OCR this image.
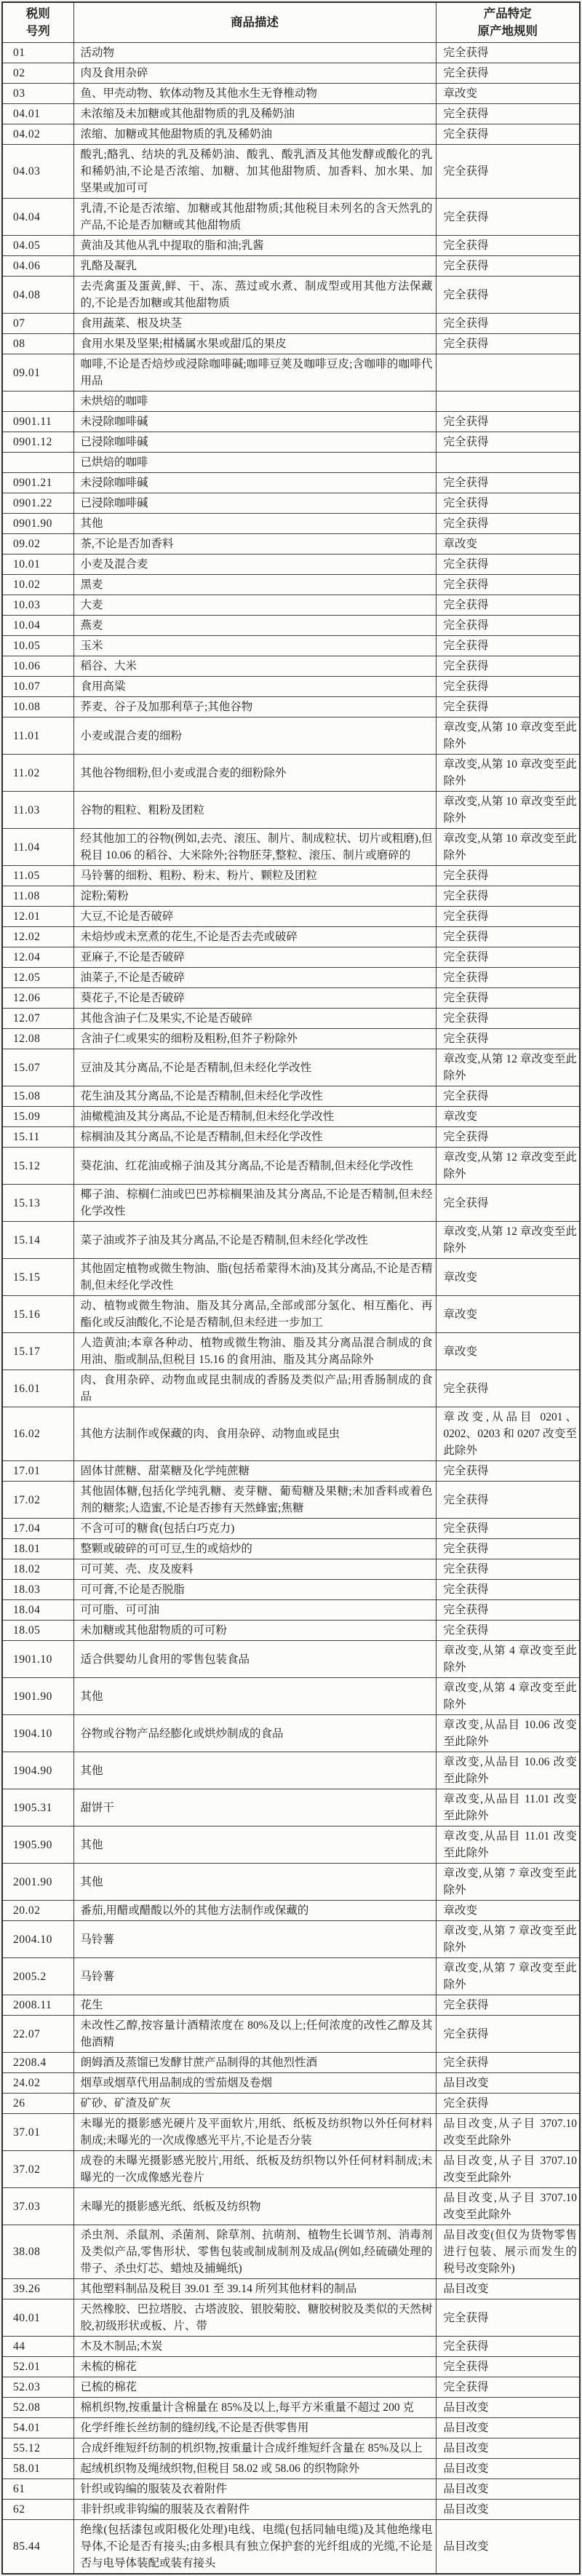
税则
号列
	商品描述	
产品特定
原产地规则

01	活动物	完全获得
02	肉及食用杂碎	完全获得
03	鱼、甲壳动物、软体动物及其他水生无脊椎动物	章改变
04.01	未浓缩及未加糖或其他甜物质的乳及稀奶油	完全获得
04.02	浓缩、加糖或其他甜物质的乳及稀奶油	完全获得
04.03	酸乳;酪乳、结块的乳及稀奶油、酸乳、酸乳酒及其他发酵或酸化的乳和稀奶油,不论是否浓缩、加糖、加其他甜物质、加香料、加水果、加坚果或加可可	完全获得
04.04	乳清,不论是否浓缩、加糖或其他甜物质;其他税目未列名的含天然乳的产品,不论是否加糖或其他甜物质	完全获得
04.05	黄油及其他从乳中提取的脂和油;乳酱	完全获得
04.06	乳酪及凝乳	完全获得
04.08	去壳禽蛋及蛋黄,鲜、干、冻、蒸过或水煮、制成型或用其他方法保藏的,不论是否加糖或其他甜物质	完全获得
07	食用蔬菜、根及块茎	完全获得
08	食用水果及坚果;柑橘属水果或甜瓜的果皮	完全获得
09.01	咖啡,不论是否焙炒或浸除咖啡碱;咖啡豆荚及咖啡豆皮;含咖啡的咖啡代用品	
	未烘焙的咖啡	
0901.11	未浸除咖啡碱	完全获得
0901.12	已浸除咖啡碱	完全获得
	已烘焙的咖啡	
0901.21	未浸除咖啡碱	完全获得
0901.22	已浸除咖啡碱	完全获得
0901.90	其他	完全获得
09.02	茶,不论是否加香料	章改变
10.01	小麦及混合麦	完全获得
10.02	黑麦	完全获得
10.03	大麦	完全获得
10.04	燕麦	完全获得
10.05	玉米	完全获得
10.06	稻谷、大米	完全获得
10.07	食用高粱	完全获得
10.08	荞麦、谷子及加那利草子;其他谷物	完全获得
11.01	小麦或混合麦的细粉	章改变,从第 10 章改变至此除外
11.02	其他谷物细粉,但小麦或混合麦的细粉除外	章改变,从第 10 章改变至此除外
11.03	谷物的粗粒、粗粉及团粒	章改变,从第 10 章改变至此除外
11.04	经其他加工的谷物(例如,去壳、滚压、制片、制成粒状、切片或粗磨),但税目 10.06 的稻谷、大米除外;谷物胚芽,整粒、滚压、制片或磨碎的	章改变,从第 10 章改变至此除外
11.05	马铃薯的细粉、粗粉、粉末、粉片、颗粒及团粒	完全获得
11.08	淀粉;菊粉	完全获得
12.01	大豆,不论是否破碎	完全获得
12.02	未焙炒或未烹煮的花生,不论是否去壳或破碎	完全获得
12.04	亚麻子,不论是否破碎	完全获得
12.05	油菜子,不论是否破碎	完全获得
12.06	葵花子,不论是否破碎	完全获得
12.07	其他含油子仁及果实,不论是否破碎	完全获得
12.08	含油子仁或果实的细粉及粗粉,但芥子粉除外	完全获得
15.07	豆油及其分离品,不论是否精制,但未经化学改性	章改变,从第 12 章改变至此除外
15.08	花生油及其分离品,不论是否精制,但未经化学改性	完全获得
15.09	油橄榄油及其分离品,不论是否精制,但未经化学改性	章改变
15.11	棕榈油及其分离品,不论是否精制,但未经化学改性	完全获得
15.12	葵花油、红花油或棉子油及其分离品,不论是否精制,但未经化学改性	章改变,从第 12 章改变至此除外
15.13	椰子油、棕榈仁油或巴巴苏棕榈果油及其分离品,不论是否精制,但未经化学改性	完全获得
15.14	菜子油或芥子油及其分离品,不论是否精制,但未经化学改性	章改变,从第 12 章改变至此除外
15.15	其他固定植物或微生物油、脂(包括希蒙得木油)及其分离品,不论是否精制,但未经化学改性	章改变
15.16	动、植物或微生物油、脂及其分离品,全部或部分氢化、相互酯化、再酯化或反油酸化,不论是否精制,但未经进一步加工	章改变
15.17	人造黄油;本章各种动、植物或微生物油、脂及其分离品混合制成的食用油、脂或制品,但税目 15.16 的食用油、脂及其分离品除外	章改变
16.01	肉、食用杂碎、动物血或昆虫制成的香肠及类似产品;用香肠制成的食品	完全获得
16.02	其他方法制作或保藏的肉、食用杂碎、动物血或昆虫	章改变,从品目 0201、0202、0203 和 0207 改变至此除外
17.01	固体甘蔗糖、甜菜糖及化学纯蔗糖	完全获得
17.02	其他固体糖,包括化学纯乳糖、麦芽糖、葡萄糖及果糖;未加香料或着色剂的糖浆;人造蜜,不论是否掺有天然蜂蜜;焦糖	完全获得
17.04	不含可可的糖食(包括白巧克力)	完全获得
18.01	整颗或破碎的可可豆,生的或焙炒的	完全获得
18.02	可可荚、壳、皮及废料	完全获得
18.03	可可膏,不论是否脱脂	完全获得
18.04	可可脂、可可油	完全获得
18.05	未加糖或其他甜物质的可可粉	完全获得
1901.10	适合供婴幼儿食用的零售包装食品	章改变,从第 4 章改变至此除外
1901.90	其他	章改变,从第 4 章改变至此除外
1904.10	谷物或谷物产品经膨化或烘炒制成的食品	章改变,从品目 10.06 改变至此除外
1904.90	其他	章改变,从品目 10.06 改变至此除外
1905.31	甜饼干	章改变,从品目 11.01 改变至此除外
1905.90	其他	章改变,从品目 11.01 改变至此除外
2001.90	其他	章改变,从第 7 章改变至此除外
20.02	番茄,用醋或醋酸以外的其他方法制作或保藏的	章改变
2004.10	马铃薯	章改变,从第 7 章改变至此除外
2005.2	马铃薯	章改变,从第 7 章改变至此除外
2008.11	花生	完全获得
22.07	未改性乙醇,按容量计酒精浓度在 80%及以上;任何浓度的改性乙醇及其他酒精	完全获得
2208.4	朗姆酒及蒸馏已发酵甘蔗产品制得的其他烈性酒	完全获得
24.02	烟草或烟草代用品制成的雪茄烟及卷烟	品目改变
26	矿砂、矿渣及矿灰	完全获得
37.01	未曝光的摄影感光硬片及平面软片,用纸、纸板及纺织物以外任何材料制成;未曝光的一次成像感光平片,不论是否分装	品目改变,从子目 3707.10 改变至此除外
37.02	成卷的未曝光摄影感光胶片,用纸、纸板及纺织物以外任何材料制成;未曝光的一次成像感光卷片	品目改变,从子目 3707.10 改变至此除外
37.03	未曝光的摄影感光纸、纸板及纺织物	品目改变,从子目 3707.10 改变至此除外
38.08	杀虫剂、杀鼠剂、杀菌剂、除草剂、抗萌剂、植物生长调节剂、消毒剂及类似产品,零售形状、零售包装或制成制剂及成品(例如,经硫磺处理的带子、杀虫灯芯、蜡烛及捕蝇纸)	品目改变(但仅为货物零售进行包装、展示而发生的税号改变除外)
39.26	其他塑料制品及税目 39.01 至 39.14 所列其他材料的制品	品目改变
40.01	天然橡胶、巴拉塔胶、古塔波胶、银胶菊胶、糖胶树胶及类似的天然树胶,初级形状或板、片、带	完全获得
44	木及木制品;木炭	完全获得
52.01	未梳的棉花	完全获得
52.03	已梳的棉花	完全获得
52.08	棉机织物,按重量计含棉量在 85%及以上,每平方米重量不超过 200 克	品目改变
54.01	化学纤维长丝纺制的缝纫线,不论是否供零售用	品目改变
55.12	合成纤维短纤纺制的机织物,按重量计合成纤维短纤含量在 85%及以上	品目改变
58.01	起绒机织物及绳绒织物,但税目 58.02 或 58.06 的织物除外	品目改变
61	针织或钩编的服装及衣着附件	品目改变
62	非针织或非钩编的服装及衣着附件	品目改变
85.44	绝缘(包括漆包或阳极化处理)电线、电缆(包括同轴电缆)及其他绝缘电导体,不论是否有接头;由多根具有独立保护套的光纤组成的光缆,不论是否与电导体装配或装有接头	品目改变
